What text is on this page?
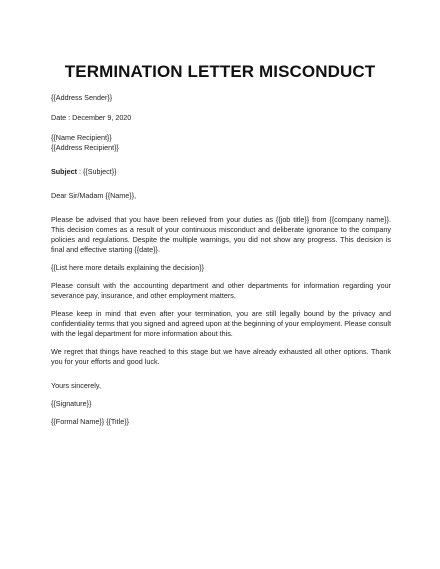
TERMINATION LETTER MISCONDUCT
{{Address Sender}}
Date : December 9, 2020
{{Name Recipient}}
{{Address Recipient}}
Subject : {{Subject}}
Dear Sir/Madam {{Name}},
Please be advised that you have been relieved from your duties as {{job title}} from {{company name}}. This decision comes as a result of your continuous misconduct and deliberate ignorance to the company policies and regulations. Despite the multiple warnings, you did not show any progress. This decision is final and effective starting {{date}}.
{{List here more details explaining the decision}}
Please consult with the accounting department and other departments for information regarding your severance pay, insurance, and other employment matters.
Please keep in mind that even after your termination, you are still legally bound by the privacy and confidentiality terms that you signed and agreed upon at the beginning of your employment. Please consult with the legal department for more information about this.
We regret that things have reached to this stage but we have already exhausted all other options. Thank you for your efforts and good luck.
Yours sincerely,
{{Signature}}
{{Formal Name}} {{Title}}
